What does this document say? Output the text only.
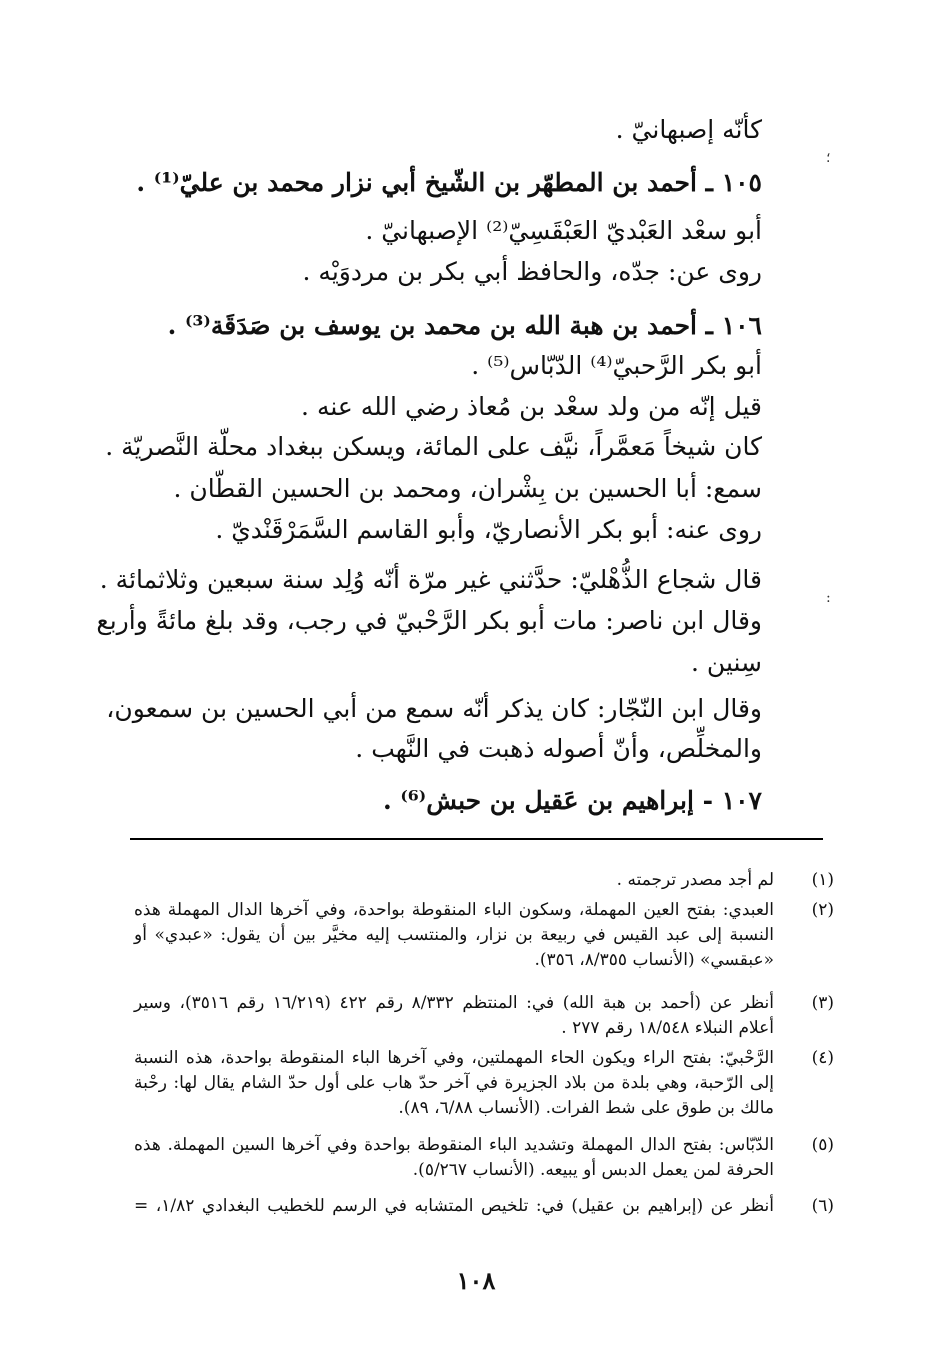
كأنّه إصبهانيّ .
١٠٥ ـ أحمد بن المطهّر بن الشّيخ أبي نزار محمد بن عليّ⁽¹⁾ .
أبو سعْد العَبْديّ العَبْقَسِيّ⁽²⁾ الإصبهانيّ .
روى عن: جدّه، والحافظ أبي بكر بن مردوَيْه .
١٠٦ ـ أحمد بن هبة الله بن محمد بن يوسف بن صَدَقَة⁽³⁾ .
أبو بكر الرَّحبيّ⁽⁴⁾ الدّبّاس⁽⁵⁾ .
قيل إنّه من ولد سعْد بن مُعاذ رضي الله عنه .
كان شيخاً مَعمَّراً، نيَّف على المائة، ويسكن ببغداد محلّة النَّصريّة .
سمع: أبا الحسين بن بِشْران، ومحمد بن الحسين القطّان .
روى عنه: أبو بكر الأنصاريّ، وأبو القاسم السَّمَرْقَنْديّ .
قال شجاع الذُّهْليّ: حدَّثني غير مرّة أنّه وُلِد سنة سبعين وثلاثمائة .
وقال ابن ناصر: مات أبو بكر الرَّحْبيّ في رجب، وقد بلغ مائةً وأربع
سِنين .
وقال ابن النّجّار: كان يذكر أنّه سمع من أبي الحسين بن سمعون،
والمخلِّص، وأنّ أصوله ذهبت في النَّهب .
١٠٧ - إبراهيم بن عَقيل بن حبش⁽⁶⁾ .
(١)
لم أجد مصدر ترجمته .
(٢)
العبدي: بفتح العين المهملة، وسكون الباء المنقوطة بواحدة، وفي آخرها الدال المهملة هذه
النسبة إلى عبد القيس في ربيعة بن نزار، والمنتسب إليه مخيَّر بين أن يقول: «عبدي» أو
«عبقسي» (الأنساب ٨/٣٥٥، ٣٥٦).
(٣)
أنظر عن (أحمد بن هبة الله) في: المنتظم ٨/٣٣٢ رقم ٤٢٢ (١٦/٢١٩ رقم ٣٥١٦)، وسير
أعلام النبلاء ١٨/٥٤٨ رقم ٢٧٧ .
(٤)
الرَّحْبيّ: بفتح الراء ويكون الحاء المهملتين، وفي آخرها الباء المنقوطة بواحدة، هذه النسبة
إلى الرّحبة، وهي بلدة من بلاد الجزيرة في آخر حدّ هاب على أول حدّ الشام يقال لها: رحْبة
مالك بن طوق على شط الفرات. (الأنساب ٦/٨٨، ٨٩).
(٥)
الدّبّاس: بفتح الدال المهملة وتشديد الباء المنقوطة بواحدة وفي آخرها السين المهملة. هذه
الحرفة لمن يعمل الدبس أو يبيعه. (الأنساب ٥/٢٦٧).
(٦)
أنظر عن (إبراهيم بن عقيل) في: تلخيص المتشابه في الرسم للخطيب البغدادي ١/٨٢، =
؛
:
١٠٨
